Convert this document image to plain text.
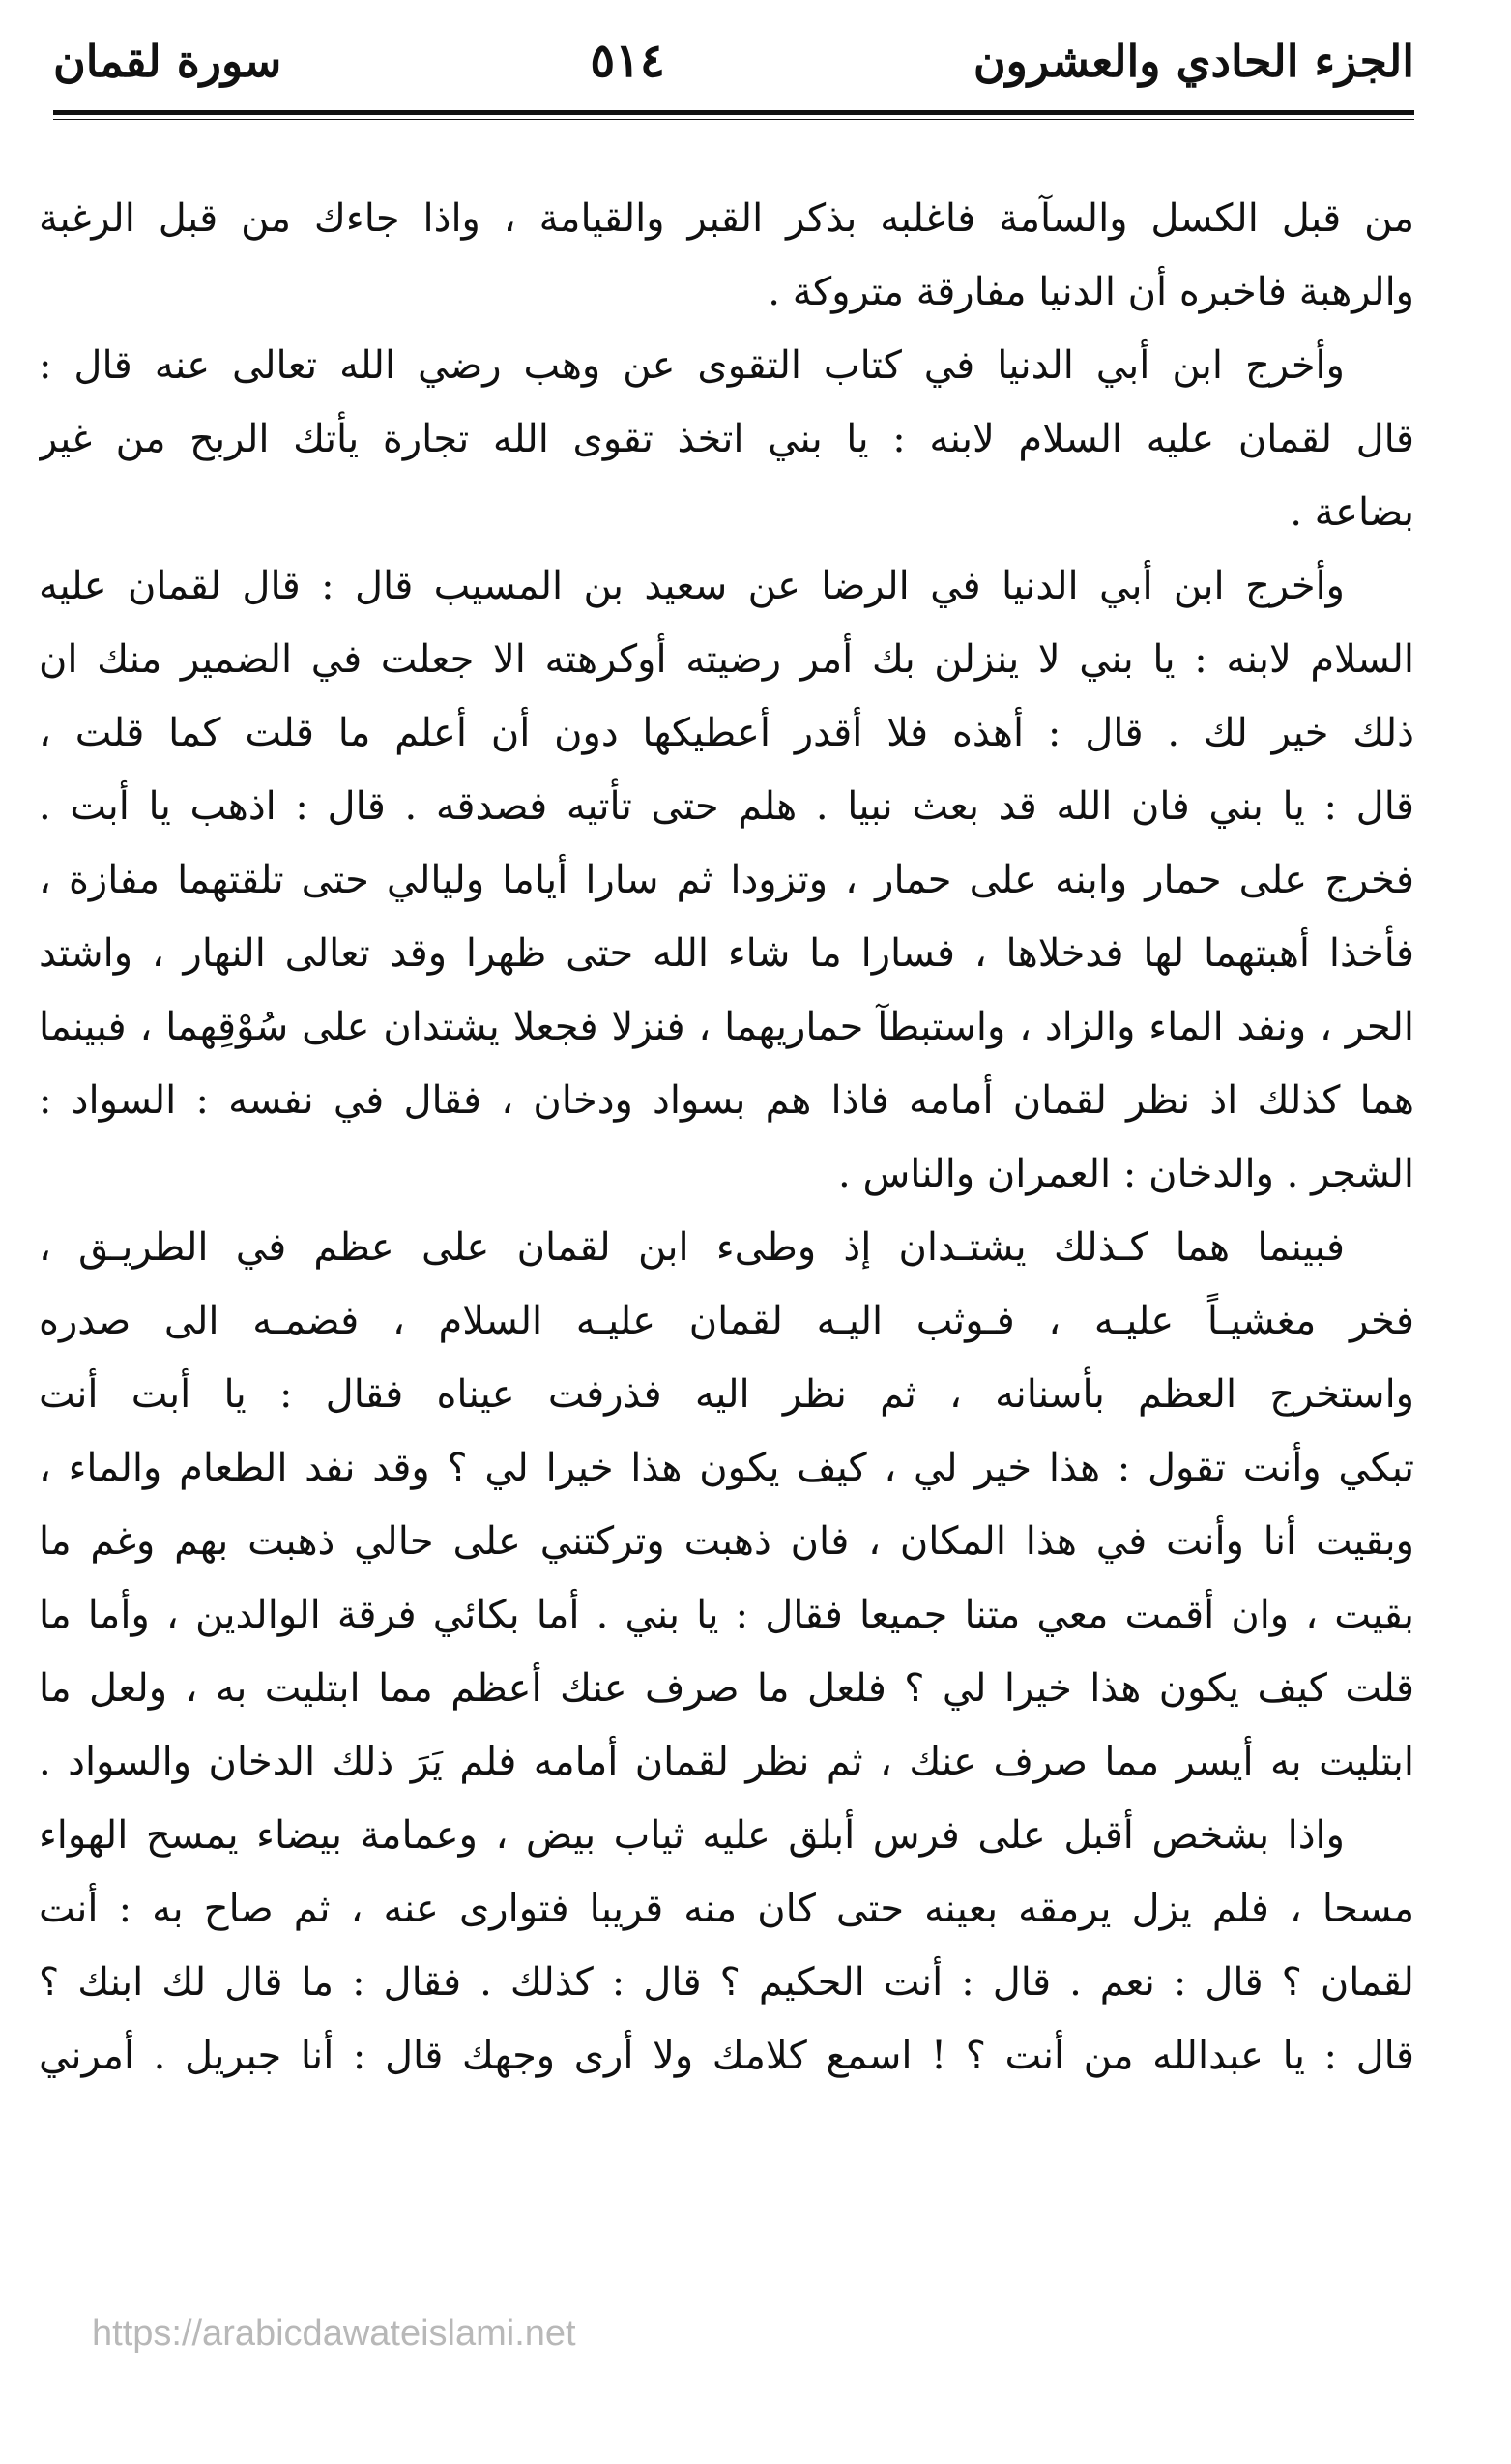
الجزء الحادي والعشرون
٥١٤
سورة لقمان
من قبل الكسل والسآمة فاغلبه بذكر القبر والقيامة ، واذا جاءك من قبل الرغبة
والرهبة فاخبره أن الدنيا مفارقة متروكة .
وأخرج ابن أبي الدنيا في كتاب التقوى عن وهب رضي الله تعالى عنه قال :
قال لقمان عليه السلام لابنه : يا بني اتخذ تقوى الله تجارة يأتك الربح من غير
بضاعة .
وأخرج ابن أبي الدنيا في الرضا عن سعيد بن المسيب قال : قال لقمان عليه
السلام لابنه : يا بني لا ينزلن بك أمر رضيته أوكرهته الا جعلت في الضمير منك ان
ذلك خير لك . قال : أهذه فلا أقدر أعطيكها دون أن أعلم ما قلت كما قلت ،
قال : يا بني فان الله قد بعث نبيا . هلم حتى تأتيه فصدقه . قال : اذهب يا أبت .
فخرج على حمار وابنه على حمار ، وتزودا ثم سارا أياما وليالي حتى تلقتهما مفازة ،
فأخذا أهبتهما لها فدخلاها ، فسارا ما شاء الله حتى ظهرا وقد تعالى النهار ، واشتد
الحر ، ونفد الماء والزاد ، واستبطآ حماريهما ، فنزلا فجعلا يشتدان على سُوْقِهما ، فبينما
هما كذلك اذ نظر لقمان أمامه فاذا هم بسواد ودخان ، فقال في نفسه : السواد :
الشجر . والدخان : العمران والناس .
فبينما هما كـذلك يشتـدان إذ وطىء ابن لقمان على عظم في الطريـق ،
فخر مغشيـاً عليـه ، فـوثب اليـه لقمان عليـه السلام ، فضمـه الى صدره
واستخرج العظم بأسنانه ، ثم نظر اليه فذرفت عيناه فقال : يا أبت أنت
تبكي وأنت تقول : هذا خير لي ، كيف يكون هذا خيرا لي ؟ وقد نفد الطعام والماء ،
وبقيت أنا وأنت في هذا المكان ، فان ذهبت وتركتني على حالي ذهبت بهم وغم ما
بقيت ، وان أقمت معي متنا جميعا فقال : يا بني . أما بكائي فرقة الوالدين ، وأما ما
قلت كيف يكون هذا خيرا لي ؟ فلعل ما صرف عنك أعظم مما ابتليت به ، ولعل ما
ابتليت به أيسر مما صرف عنك ، ثم نظر لقمان أمامه فلم يَرَ ذلك الدخان والسواد .
واذا بشخص أقبل على فرس أبلق عليه ثياب بيض ، وعمامة بيضاء يمسح الهواء
مسحا ، فلم يزل يرمقه بعينه حتى كان منه قريبا فتوارى عنه ، ثم صاح به : أنت
لقمان ؟ قال : نعم . قال : أنت الحكيم ؟ قال : كذلك . فقال : ما قال لك ابنك ؟
قال : يا عبدالله من أنت ؟ ! اسمع كلامك ولا أرى وجهك قال : أنا جبريل . أمرني
https://arabicdawateislami.net
